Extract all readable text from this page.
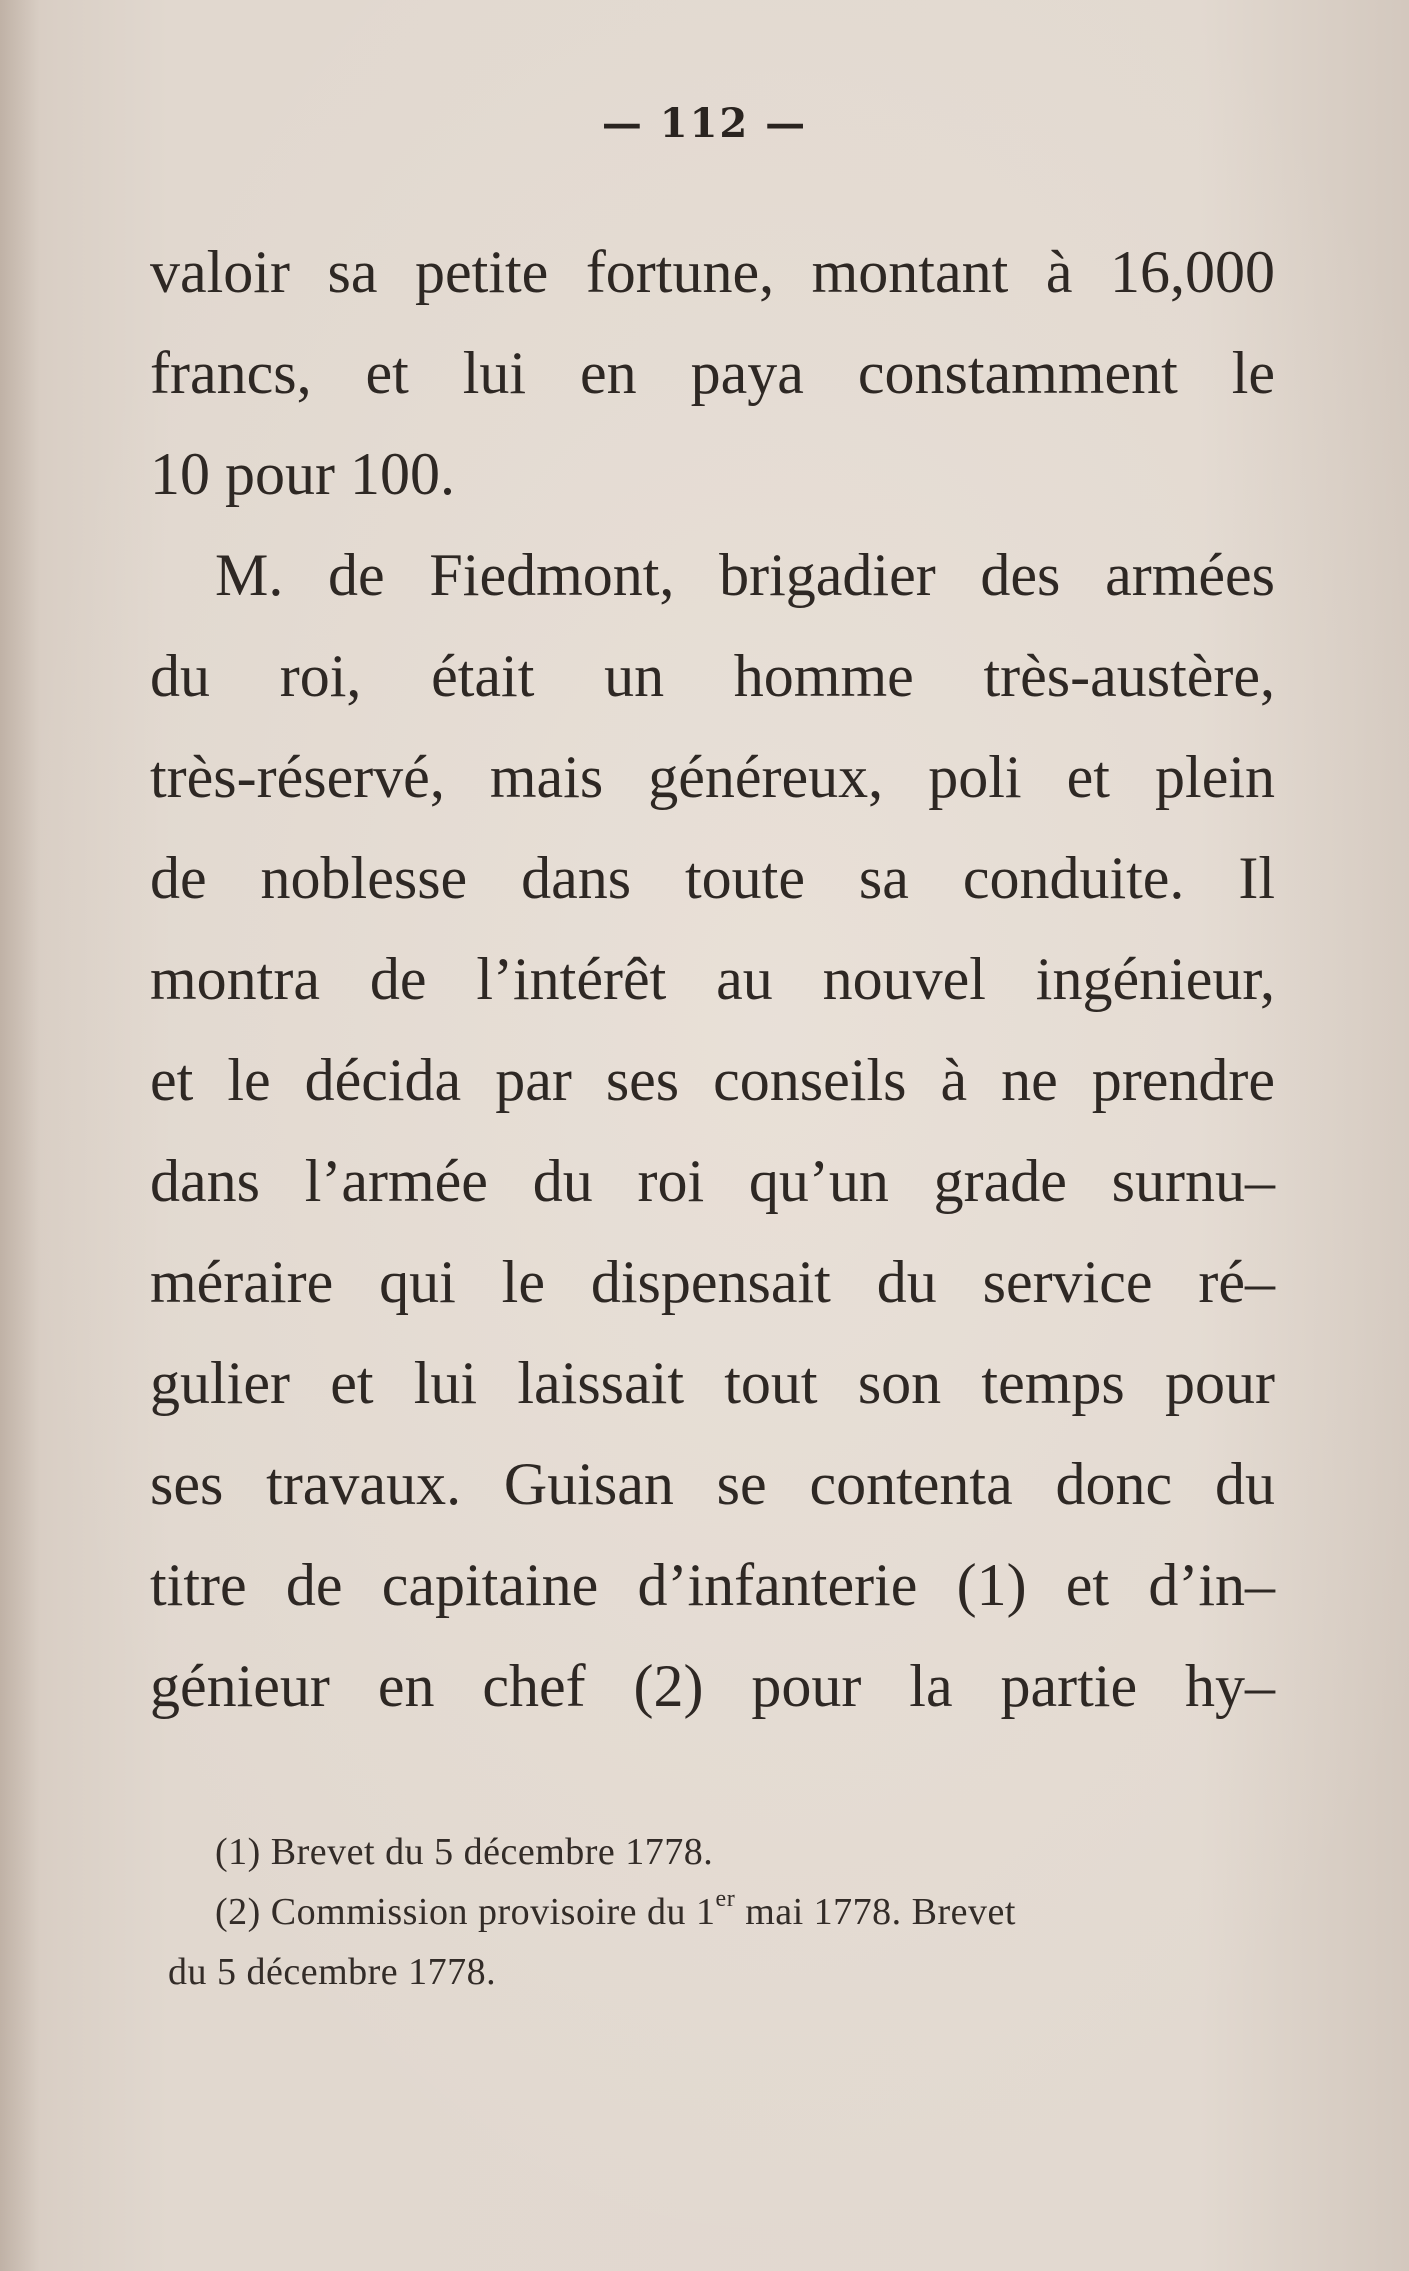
— 112 —
valoir sa petite fortune, montant à 16,000
francs, et lui en paya constamment le
10 pour 100.
M. de Fiedmont, brigadier des armées
du roi, était un homme très-austère,
très-réservé, mais généreux, poli et plein
de noblesse dans toute sa conduite. Il
montra de l’intérêt au nouvel ingénieur,
et le décida par ses conseils à ne prendre
dans l’armée du roi qu’un grade surnu–
méraire qui le dispensait du service ré–
gulier et lui laissait tout son temps pour
ses travaux. Guisan se contenta donc du
titre de capitaine d’infanterie (1) et d’in–
génieur en chef (2) pour la partie hy–
(1) Brevet du 5 décembre 1778.
(2) Commission provisoire du 1er mai 1778. Brevet
du 5 décembre 1778.
